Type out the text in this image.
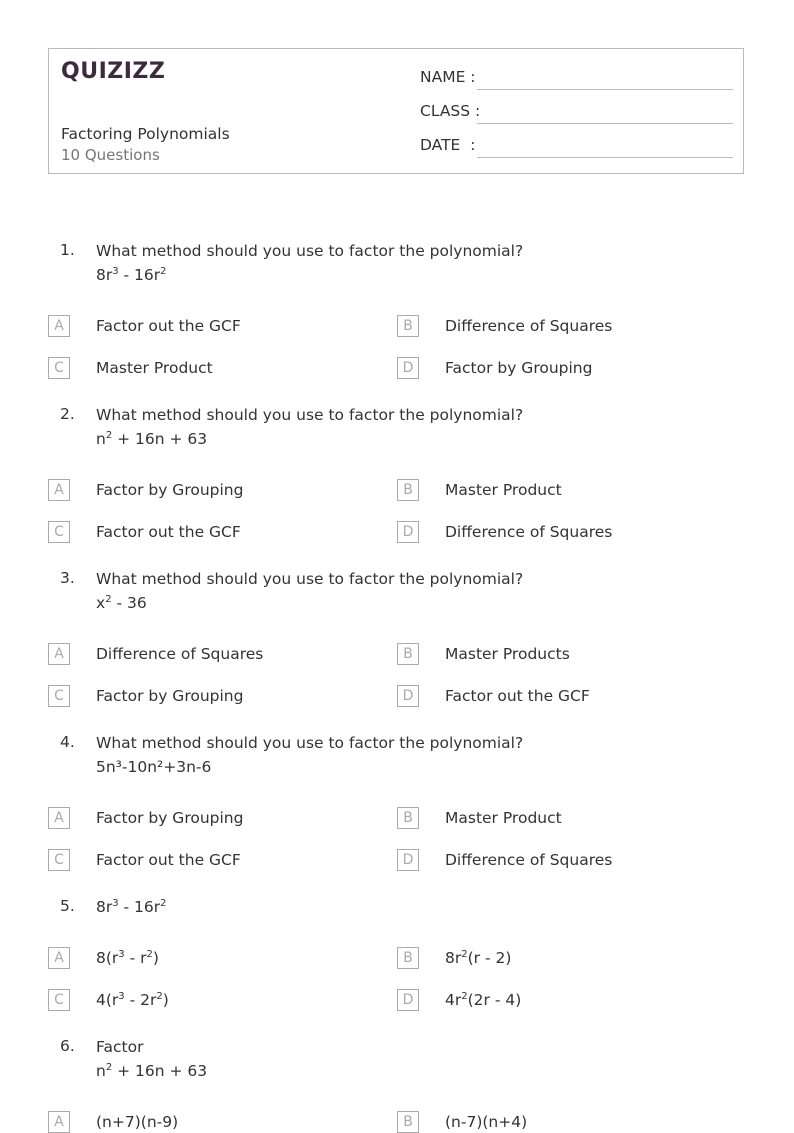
QUIZIZZ
Factoring Polynomials
10 Questions
NAME :
CLASS :
DATE  :
1. What method should you use to factor the polynomial?
$8r^3 - 16r^2$
A	Factor out the GCF	B	Difference of Squares
C	Master Product	D	Factor by Grouping
2. What method should you use to factor the polynomial?
$n^2 + 16n + 63$
A	Factor by Grouping	B	Master Product
C	Factor out the GCF	D	Difference of Squares
3. What method should you use to factor the polynomial?
$x^2 - 36$
A	Difference of Squares	B	Master Products
C	Factor by Grouping	D	Factor out the GCF
4. What method should you use to factor the polynomial?
5n³-10n²+3n-6
A	Factor by Grouping	B	Master Product
C	Factor out the GCF	D	Difference of Squares
5. $8r^3 - 16r^2$
A	$8(r^3 - r^2)$	B	$8r^2(r - 2)$
C	$4(r^3 - 2r^2)$	D	$4r^2(2r - 4)$
6. Factor
$n^2 + 16n + 63$
A	(n+7)(n-9)	B	(n-7)(n+4)
